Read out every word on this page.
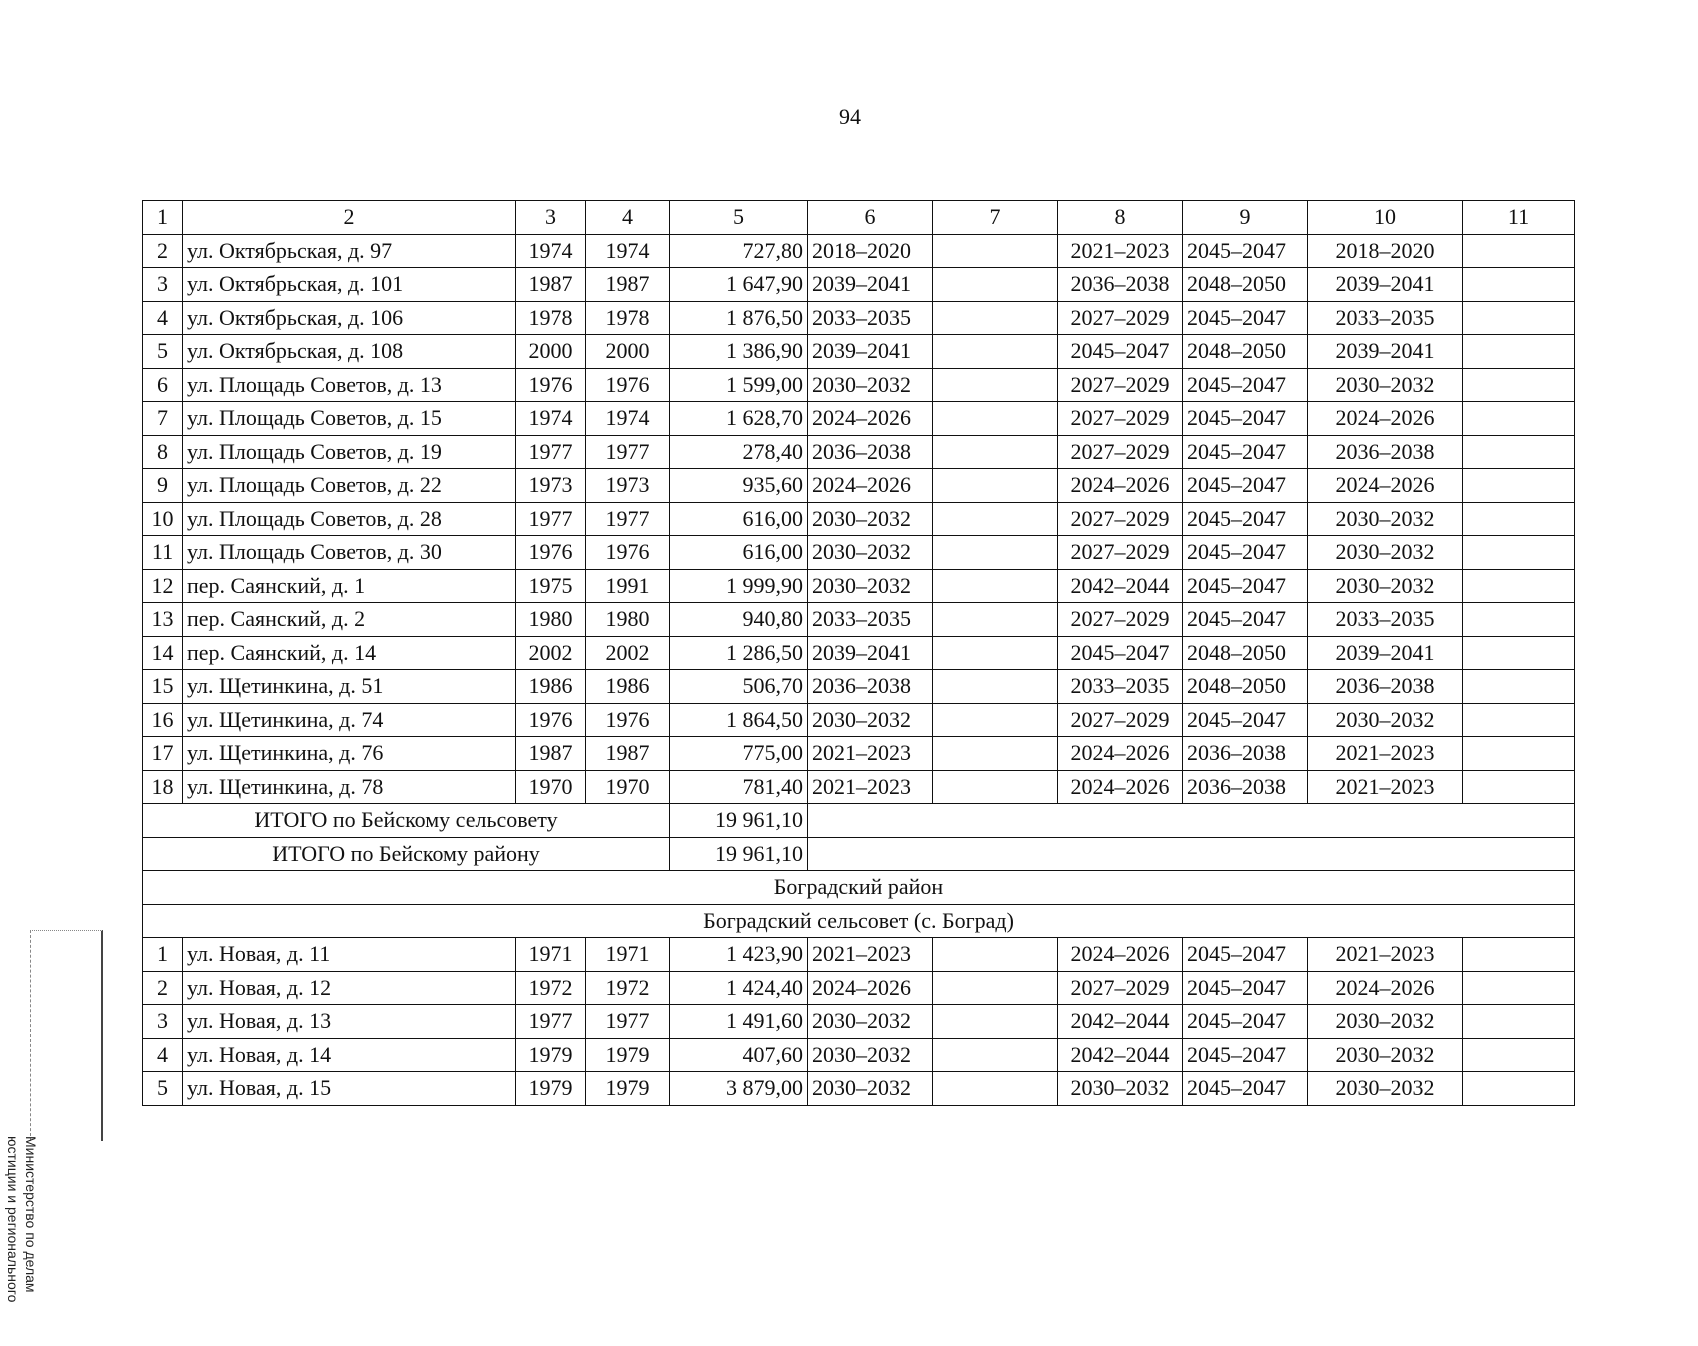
94
1	2	3	4	5	6	7	8	9	10	11
2	ул. Октябрьская, д. 97	1974	1974	727,80	2018–2020		2021–2023	2045–2047	2018–2020	
3	ул. Октябрьская, д. 101	1987	1987	1 647,90	2039–2041		2036–2038	2048–2050	2039–2041	
4	ул. Октябрьская, д. 106	1978	1978	1 876,50	2033–2035		2027–2029	2045–2047	2033–2035	
5	ул. Октябрьская, д. 108	2000	2000	1 386,90	2039–2041		2045–2047	2048–2050	2039–2041	
6	ул. Площадь Советов, д. 13	1976	1976	1 599,00	2030–2032		2027–2029	2045–2047	2030–2032	
7	ул. Площадь Советов, д. 15	1974	1974	1 628,70	2024–2026		2027–2029	2045–2047	2024–2026	
8	ул. Площадь Советов, д. 19	1977	1977	278,40	2036–2038		2027–2029	2045–2047	2036–2038	
9	ул. Площадь Советов, д. 22	1973	1973	935,60	2024–2026		2024–2026	2045–2047	2024–2026	
10	ул. Площадь Советов, д. 28	1977	1977	616,00	2030–2032		2027–2029	2045–2047	2030–2032	
11	ул. Площадь Советов, д. 30	1976	1976	616,00	2030–2032		2027–2029	2045–2047	2030–2032	
12	пер. Саянский, д. 1	1975	1991	1 999,90	2030–2032		2042–2044	2045–2047	2030–2032	
13	пер. Саянский, д. 2	1980	1980	940,80	2033–2035		2027–2029	2045–2047	2033–2035	
14	пер. Саянский, д. 14	2002	2002	1 286,50	2039–2041		2045–2047	2048–2050	2039–2041	
15	ул. Щетинкина, д. 51	1986	1986	506,70	2036–2038		2033–2035	2048–2050	2036–2038	
16	ул. Щетинкина, д. 74	1976	1976	1 864,50	2030–2032		2027–2029	2045–2047	2030–2032	
17	ул. Щетинкина, д. 76	1987	1987	775,00	2021–2023		2024–2026	2036–2038	2021–2023	
18	ул. Щетинкина, д. 78	1970	1970	781,40	2021–2023		2024–2026	2036–2038	2021–2023	
ИТОГО по Бейскому сельсовету				19 961,10						
ИТОГО по Бейскому району				19 961,10						
Боградский район										
Боградский сельсовет (с. Боград)										
1	ул. Новая, д. 11	1971	1971	1 423,90	2021–2023		2024–2026	2045–2047	2021–2023	
2	ул. Новая, д. 12	1972	1972	1 424,40	2024–2026		2027–2029	2045–2047	2024–2026	
3	ул. Новая, д. 13	1977	1977	1 491,60	2030–2032		2042–2044	2045–2047	2030–2032	
4	ул. Новая, д. 14	1979	1979	407,60	2030–2032		2042–2044	2045–2047	2030–2032	
5	ул. Новая, д. 15	1979	1979	3 879,00	2030–2032		2030–2032	2045–2047	2030–2032	
Министерство по делам
юстиции и регионального
